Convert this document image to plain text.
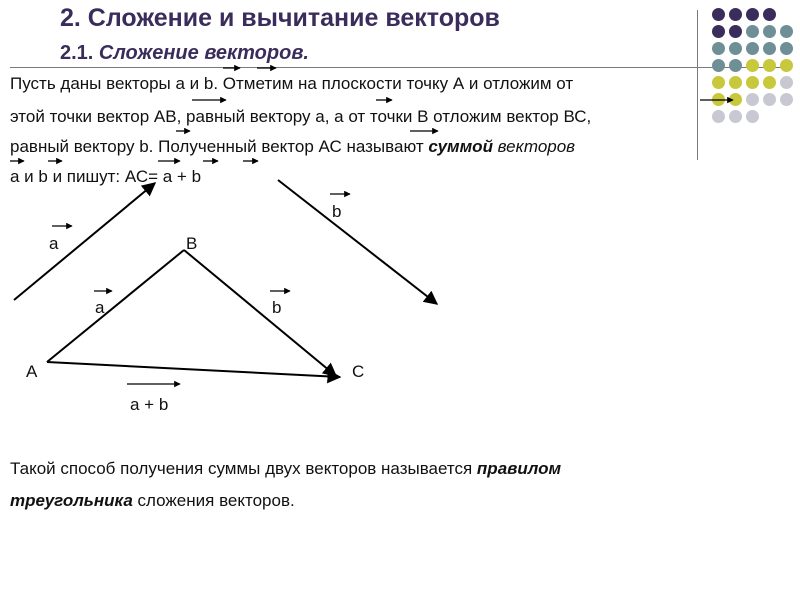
2. Сложение и вычитание векторов
2.1. Сложение векторов.
Пусть даны векторы a и b. Отметим на плоскости точку А и отложим от
этой точки вектор АВ, равный вектору a, а от точки В отложим вектор ВС,
равный вектору b. Полученный вектор АС называют суммой векторов
a и b и пишут: АС= a + b
a
b
B
a	b
A	C
a + b
Такой способ получения суммы двух векторов называется правилом
треугольника сложения векторов.
